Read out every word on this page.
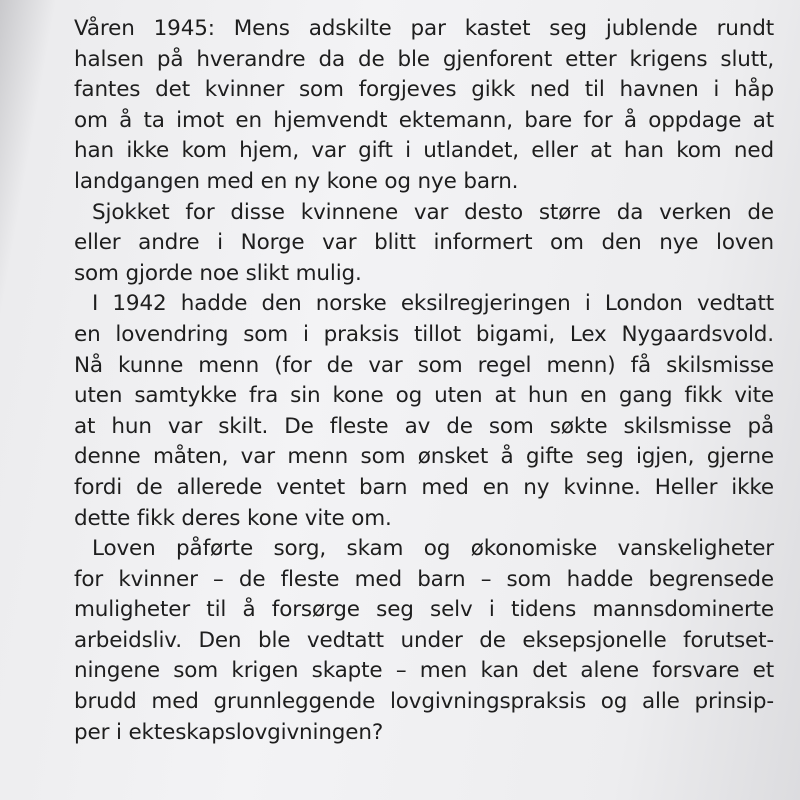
Våren 1945: Mens adskilte par kastet seg jublende rundt
halsen på hverandre da de ble gjenforent etter krigens slutt,
fantes det kvinner som forgjeves gikk ned til havnen i håp
om å ta imot en hjemvendt ektemann, bare for å oppdage at
han ikke kom hjem, var gift i utlandet, eller at han kom ned
landgangen med en ny kone og nye barn.
Sjokket for disse kvinnene var desto større da verken de
eller andre i Norge var blitt informert om den nye loven
som gjorde noe slikt mulig.
I 1942 hadde den norske eksilregjeringen i London vedtatt
en lovendring som i praksis tillot bigami, Lex Nygaardsvold.
Nå kunne menn (for de var som regel menn) få skilsmisse
uten samtykke fra sin kone og uten at hun en gang fikk vite
at hun var skilt. De fleste av de som søkte skilsmisse på
denne måten, var menn som ønsket å gifte seg igjen, gjerne
fordi de allerede ventet barn med en ny kvinne. Heller ikke
dette fikk deres kone vite om.
Loven påførte sorg, skam og økonomiske vanskeligheter
for kvinner – de fleste med barn – som hadde begrensede
muligheter til å forsørge seg selv i tidens mannsdominerte
arbeidsliv. Den ble vedtatt under de eksepsjonelle forutset-
ningene som krigen skapte – men kan det alene forsvare et
brudd med grunnleggende lovgivningspraksis og alle prinsip-
per i ekteskapslovgivningen?
